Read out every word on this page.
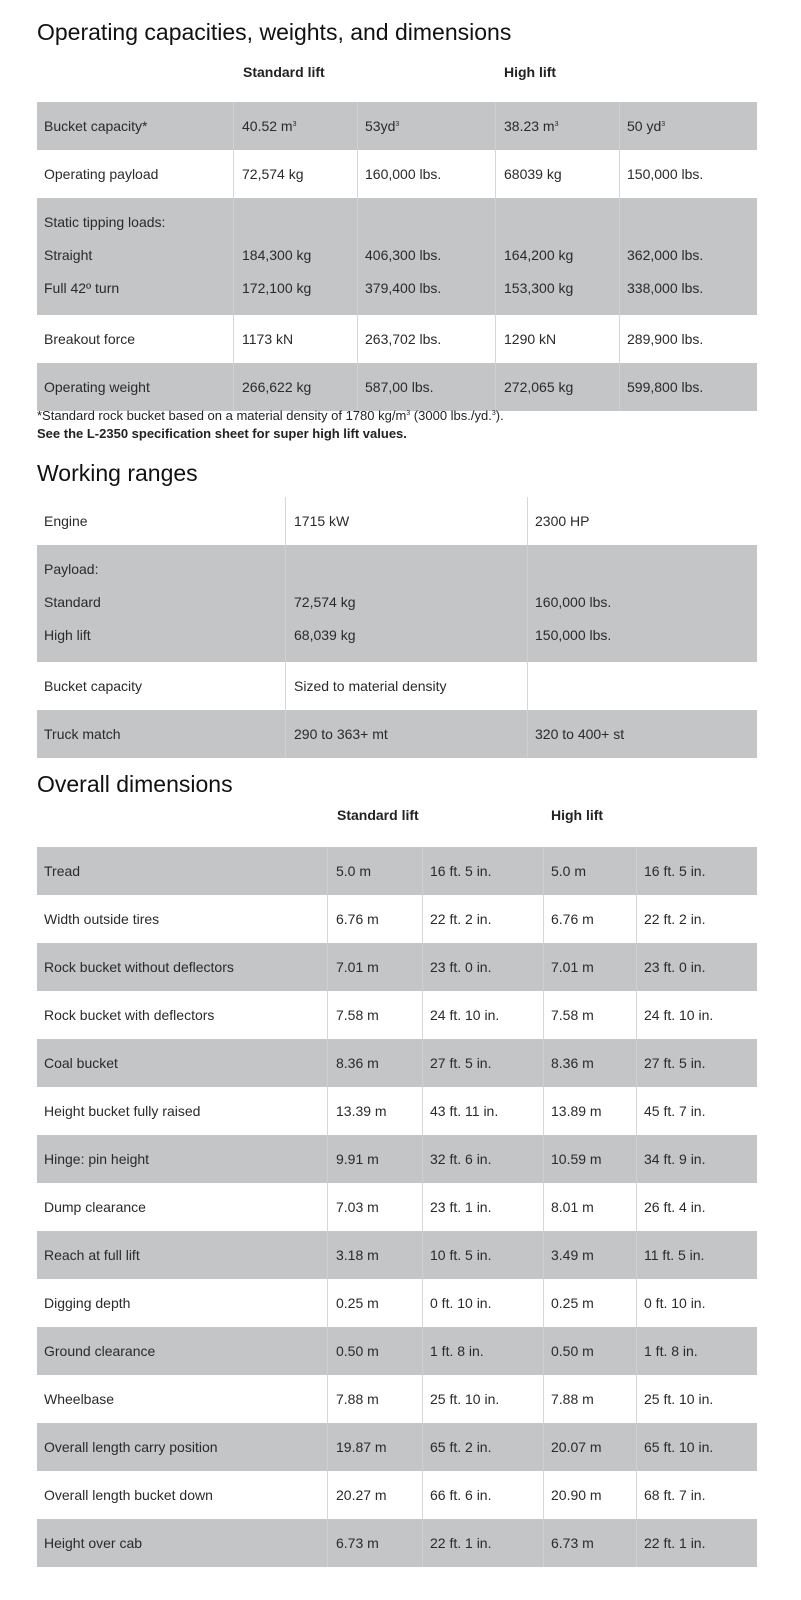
Operating capacities, weights, and dimensions
Standard lift	High lift
Bucket capacity*	40.52 $m^3$	$53yd^3$	38.23 $m^3$	50 $yd^3$
Operating payload	72,574 kg	160,000 lbs.	68039 kg	150,000 lbs.
Static tipping loads:
Straight	184,300 kg	406,300 lbs.	164,200 kg	362,000 lbs.
Full 42º turn	172,100 kg	379,400 lbs.	153,300 kg	338,000 lbs.
Breakout force	1173 kN	263,702 lbs.	1290 kN	289,900 lbs.
Operating weight	266,622 kg	587,00 lbs.	272,065 kg	599,800 lbs.
*Standard rock bucket based on a material density of 1780 $kg/m^3$ (3000 lbs./yd.$^3$).
See the L-2350 specification sheet for super high lift values.
Working ranges
Engine	1715 kW	2300 HP
Payload:
Standard	72,574 kg	160,000 lbs.
High lift	68,039 kg	150,000 lbs.
Bucket capacity	Sized to material density
Truck match	290 to 363+ mt	320 to 400+ st
Overall dimensions
Standard lift	High lift
Tread	5.0 m	16 ft. 5 in.	5.0 m	16 ft. 5 in.
Width outside tires	6.76 m	22 ft. 2 in.	6.76 m	22 ft. 2 in.
Rock bucket without deflectors	7.01 m	23 ft. 0 in.	7.01 m	23 ft. 0 in.
Rock bucket with deflectors	7.58 m	24 ft. 10 in.	7.58 m	24 ft. 10 in.
Coal bucket	8.36 m	27 ft. 5 in.	8.36 m	27 ft. 5 in.
Height bucket fully raised	13.39 m	43 ft. 11 in.	13.89 m	45 ft. 7 in.
Hinge: pin height	9.91 m	32 ft. 6 in.	10.59 m	34 ft. 9 in.
Dump clearance	7.03 m	23 ft. 1 in.	8.01 m	26 ft. 4 in.
Reach at full lift	3.18 m	10 ft. 5 in.	3.49 m	11 ft. 5 in.
Digging depth	0.25 m	0 ft. 10 in.	0.25 m	0 ft. 10 in.
Ground clearance	0.50 m	1 ft. 8 in.	0.50 m	1 ft. 8 in.
Wheelbase	7.88 m	25 ft. 10 in.	7.88 m	25 ft. 10 in.
Overall length carry position	19.87 m	65 ft. 2 in.	20.07 m	65 ft. 10 in.
Overall length bucket down	20.27 m	66 ft. 6 in.	20.90 m	68 ft. 7 in.
Height over cab	6.73 m	22 ft. 1 in.	6.73 m	22 ft. 1 in.
